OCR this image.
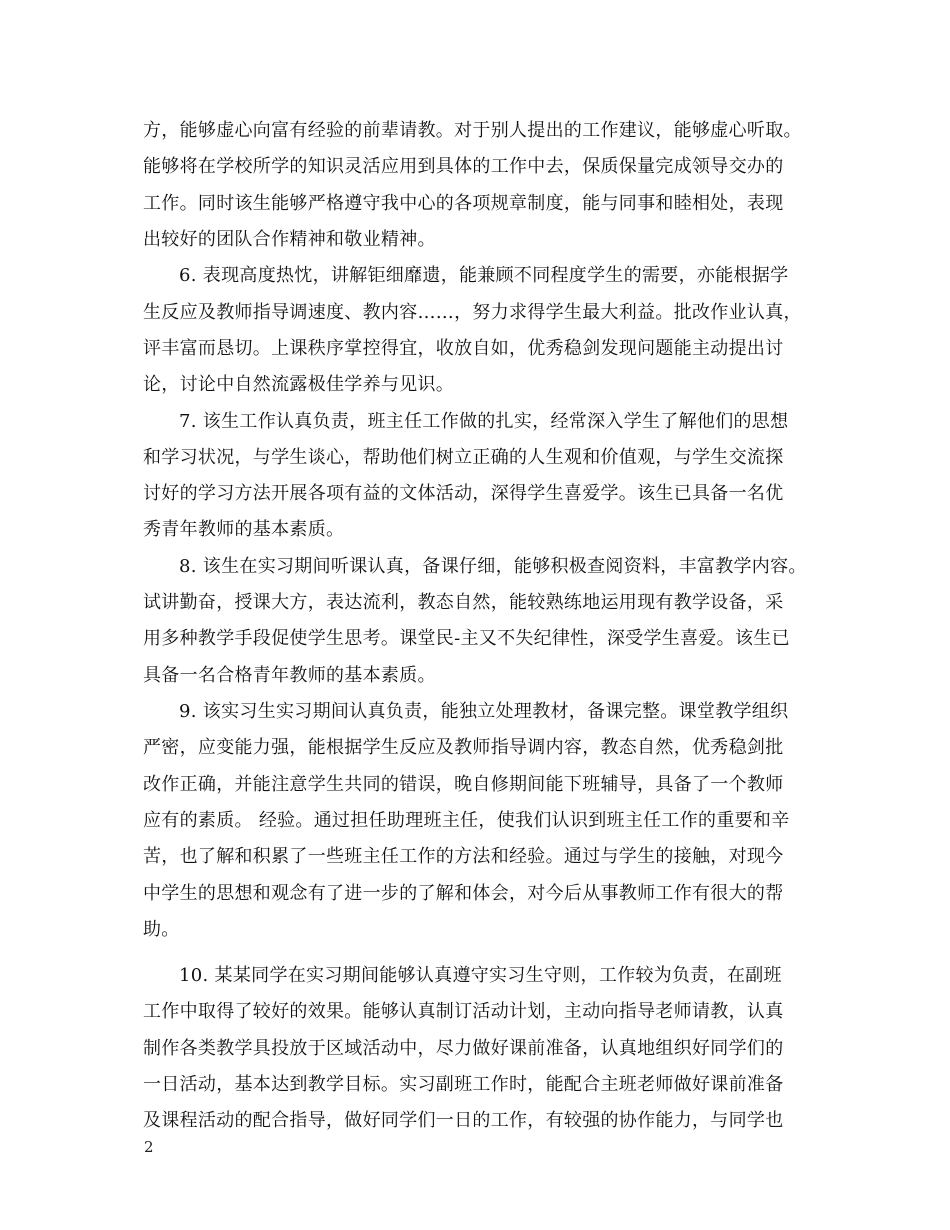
方，能够虚心向富有经验的前辈请教。对于别人提出的工作建议，能够虚心听取。
能够将在学校所学的知识灵活应用到具体的工作中去，保质保量完成领导交办的
工作。同时该生能够严格遵守我中心的各项规章制度，能与同事和睦相处，表现
出较好的团队合作精神和敬业精神。
6. 表现高度热忱，讲解钜细靡遗，能兼顾不同程度学生的需要，亦能根据学
生反应及教师指导调速度、教内容……，努力求得学生最大利益。批改作业认真，
评丰富而恳切。上课秩序掌控得宜，收放自如，优秀稳剑发现问题能主动提出讨
论，讨论中自然流露极佳学养与见识。
7. 该生工作认真负责，班主任工作做的扎实，经常深入学生了解他们的思想
和学习状况，与学生谈心，帮助他们树立正确的人生观和价值观，与学生交流探
讨好的学习方法开展各项有益的文体活动，深得学生喜爱学。该生已具备一名优
秀青年教师的基本素质。
8. 该生在实习期间听课认真，备课仔细，能够积极查阅资料，丰富教学内容。
试讲勤奋，授课大方，表达流利，教态自然，能较熟练地运用现有教学设备，采
用多种教学手段促使学生思考。课堂民-主又不失纪律性，深受学生喜爱。该生已
具备一名合格青年教师的基本素质。
9. 该实习生实习期间认真负责，能独立处理教材，备课完整。课堂教学组织
严密，应变能力强，能根据学生反应及教师指导调内容，教态自然，优秀稳剑批
改作正确，并能注意学生共同的错误，晚自修期间能下班辅导，具备了一个教师
应有的素质。 经验。通过担任助理班主任，使我们认识到班主任工作的重要和辛
苦，也了解和积累了一些班主任工作的方法和经验。通过与学生的接触，对现今
中学生的思想和观念有了进一步的了解和体会，对今后从事教师工作有很大的帮
助。
10. 某某同学在实习期间能够认真遵守实习生守则，工作较为负责，在副班
工作中取得了较好的效果。能够认真制订活动计划，主动向指导老师请教，认真
制作各类教学具投放于区域活动中，尽力做好课前准备，认真地组织好同学们的
一日活动，基本达到教学目标。实习副班工作时，能配合主班老师做好课前准备
及课程活动的配合指导，做好同学们一日的工作，有较强的协作能力，与同学也
2
